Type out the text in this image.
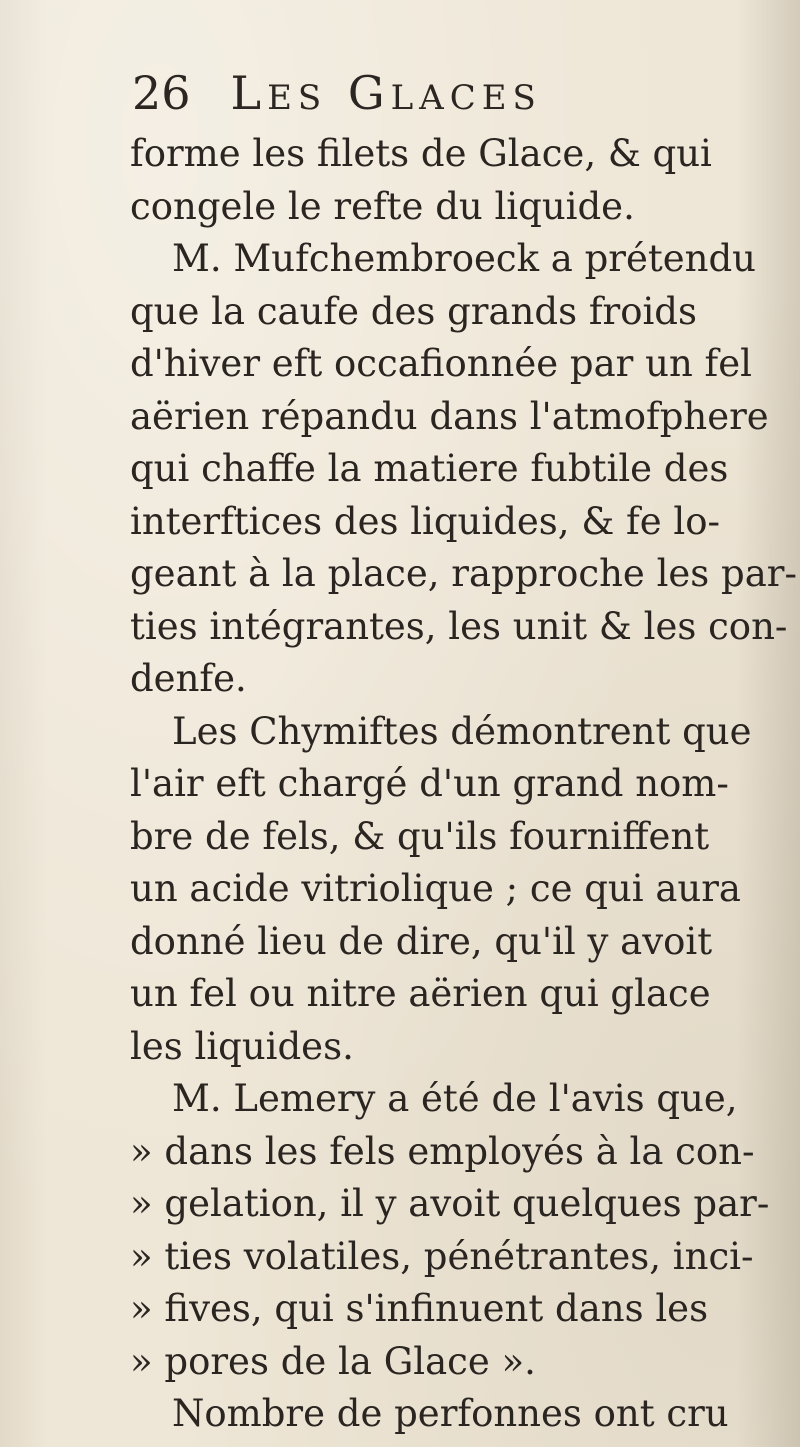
26 LES GLACES
forme les filets de Glace, & qui
congele le refte du liquide.
M. Mufchembroeck a prétendu
que la caufe des grands froids
d'hiver eft occafionnée par un fel
aërien répandu dans l'atmofphere
qui chaffe la matiere fubtile des
interftices des liquides, & fe lo-
geant à la place, rapproche les par-
ties intégrantes, les unit & les con-
denfe.
Les Chymiftes démontrent que
l'air eft chargé d'un grand nom-
bre de fels, & qu'ils fourniffent
un acide vitriolique ; ce qui aura
donné lieu de dire, qu'il y avoit
un fel ou nitre aërien qui glace
les liquides.
M. Lemery a été de l'avis que,
» dans les fels employés à la con-
» gelation, il y avoit quelques par-
» ties volatiles, pénétrantes, inci-
» fives, qui s'infinuent dans les
» pores de la Glace ».
Nombre de perfonnes ont cru
